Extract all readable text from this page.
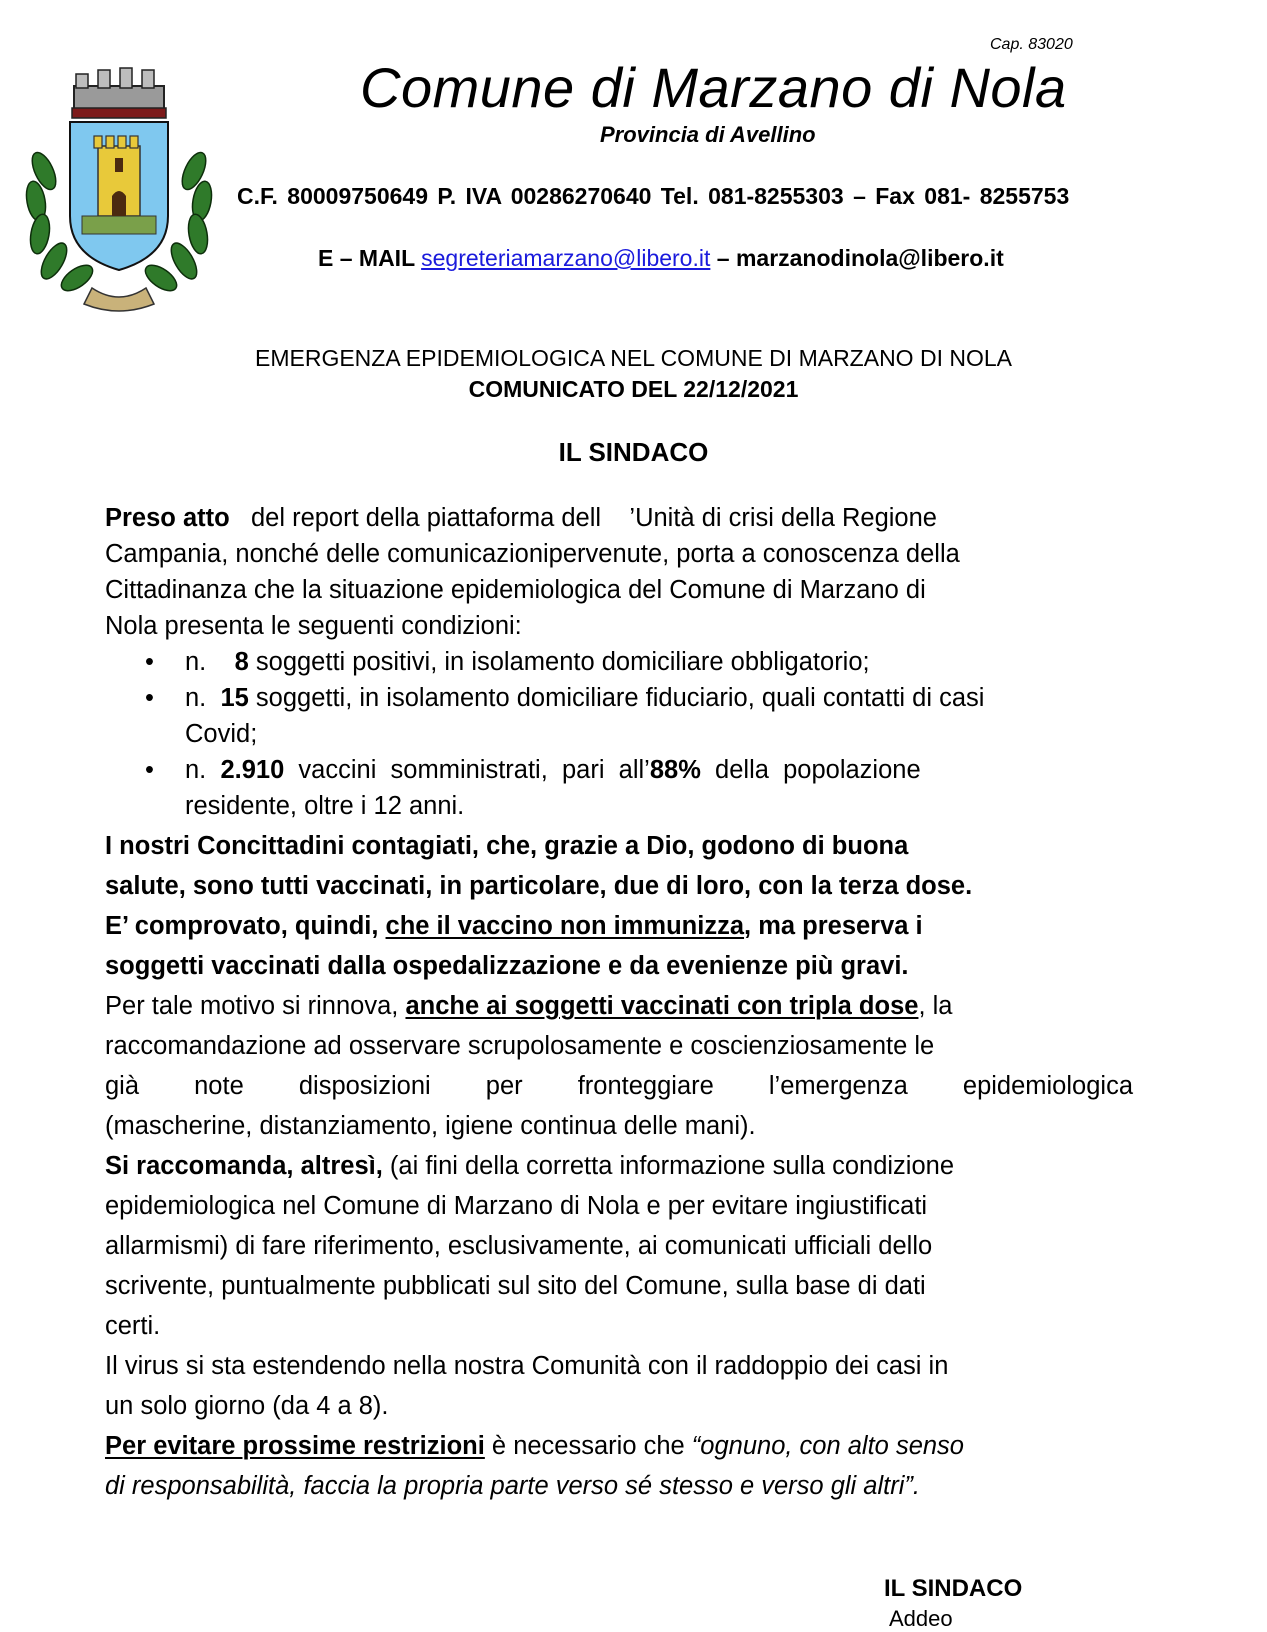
Cap. 83020
Comune di Marzano di Nola
Provincia di Avellino
C.F. 80009750649 P. IVA 00286270640 Tel. 081-8255303 – Fax 081- 8255753
E – MAIL segreteriamarzano@libero.it – marzanodinola@libero.it
EMERGENZA EPIDEMIOLOGICA NEL COMUNE DI MARZANO DI NOLA
COMUNICATO DEL 22/12/2021
IL SINDACO
Preso atto   del report della piattaforma dell    ’Unità di crisi della Regione
Campania, nonché delle comunicazionipervenute, porta a conoscenza della
Cittadinanza che la situazione epidemiologica del Comune di Marzano di
Nola presenta le seguenti condizioni:
• n.    8 soggetti positivi, in isolamento domiciliare obbligatorio;
• n.  15 soggetti, in isolamento domiciliare fiduciario, quali contatti di casi
Covid;
• n.  2.910  vaccini  somministrati,  pari  all’88%  della  popolazione
residente, oltre i 12 anni.
I nostri Concittadini contagiati, che, grazie a Dio, godono di buona
salute, sono tutti vaccinati, in particolare, due di loro, con la terza dose.
E’ comprovato, quindi, che il vaccino non immunizza, ma preserva i
soggetti vaccinati dalla ospedalizzazione e da evenienze più gravi.
Per tale motivo si rinnova, anche ai soggetti vaccinati con tripla dose, la
raccomandazione ad osservare scrupolosamente e coscienziosamente le
già note disposizioni per fronteggiare l’emergenza epidemiologica
(mascherine, distanziamento, igiene continua delle mani).
Si raccomanda, altresì, (ai fini della corretta informazione sulla condizione
epidemiologica nel Comune di Marzano di Nola e per evitare ingiustificati
allarmismi) di fare riferimento, esclusivamente, ai comunicati ufficiali dello
scrivente, puntualmente pubblicati sul sito del Comune, sulla base di dati
certi.
Il virus si sta estendendo nella nostra Comunità con il raddoppio dei casi in
un solo giorno (da 4 a 8).
Per evitare prossime restrizioni è necessario che “ognuno, con alto senso
di responsabilità, faccia la propria parte verso sé stesso e verso gli altri”.
IL SINDACO
Addeo
